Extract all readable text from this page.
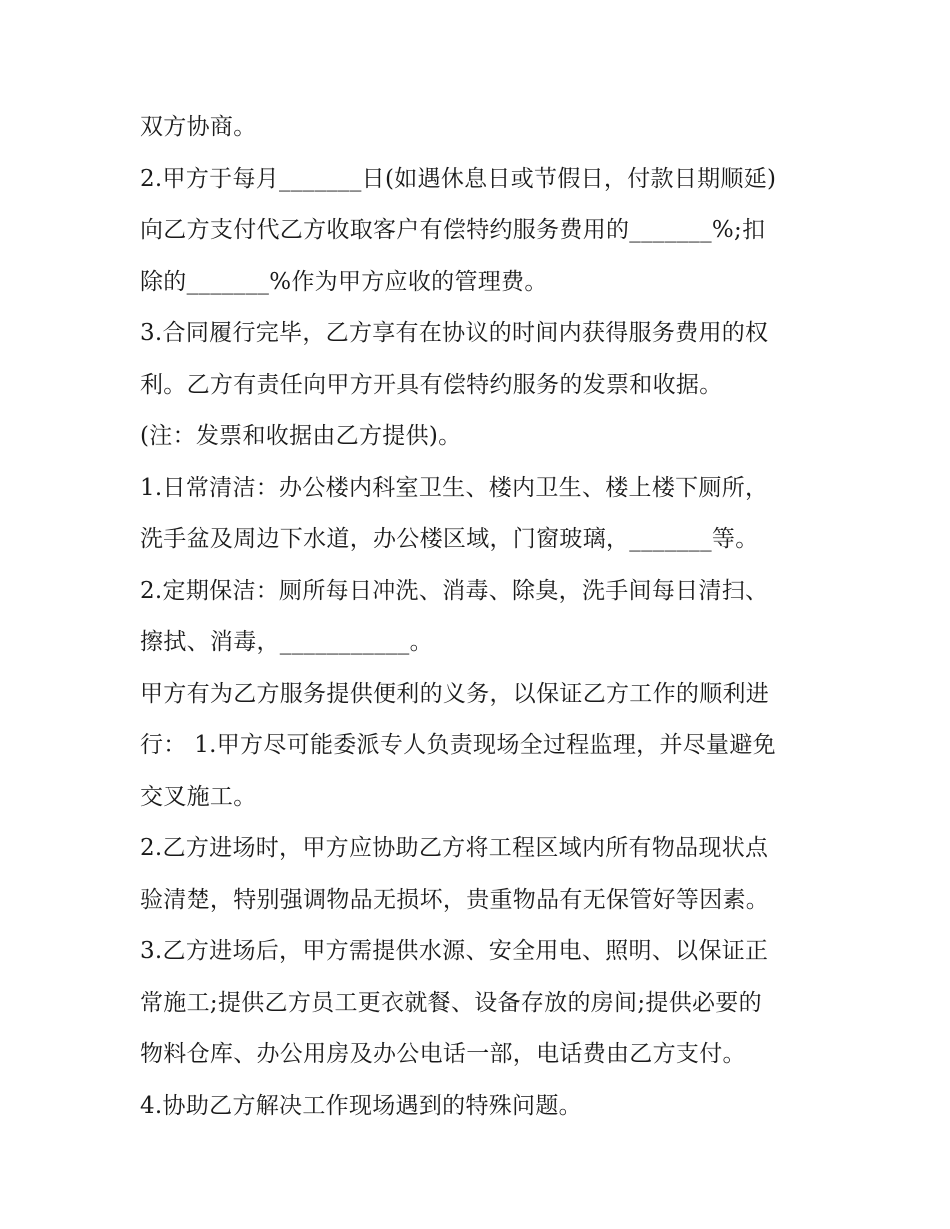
双方协商。
2.甲方于每月_______日(如遇休息日或节假日，付款日期顺延)
向乙方支付代乙方收取客户有偿特约服务费用的_______%;扣
除的_______%作为甲方应收的管理费。
3.合同履行完毕，乙方享有在协议的时间内获得服务费用的权
利。乙方有责任向甲方开具有偿特约服务的发票和收据。
(注：发票和收据由乙方提供)。
1.日常清洁：办公楼内科室卫生、楼内卫生、楼上楼下厕所，
洗手盆及周边下水道，办公楼区域，门窗玻璃，_______等。
2.定期保洁：厕所每日冲洗、消毒、除臭，洗手间每日清扫、
擦拭、消毒，___________。
甲方有为乙方服务提供便利的义务，以保证乙方工作的顺利进
行： 1.甲方尽可能委派专人负责现场全过程监理，并尽量避免
交叉施工。
2.乙方进场时，甲方应协助乙方将工程区域内所有物品现状点
验清楚，特别强调物品无损坏，贵重物品有无保管好等因素。
3.乙方进场后，甲方需提供水源、安全用电、照明、以保证正
常施工;提供乙方员工更衣就餐、设备存放的房间;提供必要的
物料仓库、办公用房及办公电话一部，电话费由乙方支付。
4.协助乙方解决工作现场遇到的特殊问题。
